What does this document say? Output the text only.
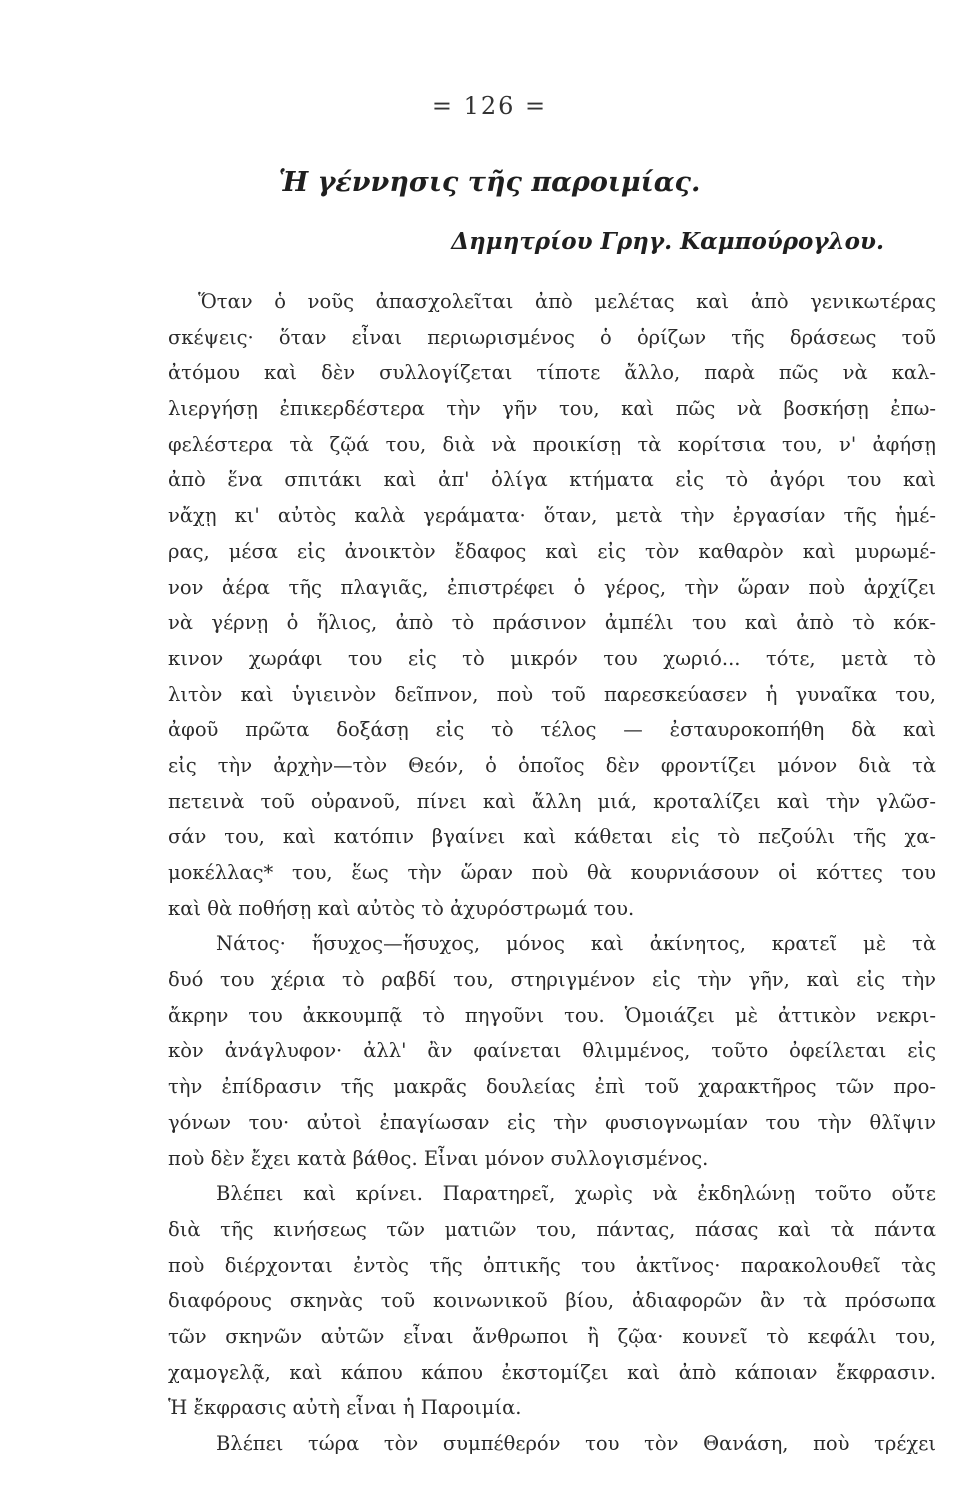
= 126 =
Ἡ γέννησις τῆς παροιμίας.
Δημητρίου Γρηγ. Καμπούρογλου.
Ὅταν ὁ νοῦς ἀπασχολεῖται ἀπὸ μελέτας καὶ ἀπὸ γενικωτέρας
σκέψεις· ὅταν εἶναι περιωρισμένος ὁ ὁρίζων τῆς δράσεως τοῦ
ἀτόμου καὶ δὲν συλλογίζεται τίποτε ἄλλο, παρὰ πῶς νὰ καλ-
λιεργήσῃ ἐπικερδέστερα τὴν γῆν του, καὶ πῶς νὰ βοσκήσῃ ἐπω-
φελέστερα τὰ ζῷά του, διὰ νὰ προικίσῃ τὰ κορίτσια του, ν' ἀφήσῃ
ἀπὸ ἕνα σπιτάκι καὶ ἀπ' ὀλίγα κτήματα εἰς τὸ ἀγόρι του καὶ
νἄχῃ κι' αὐτὸς καλὰ γεράματα· ὅταν, μετὰ τὴν ἐργασίαν τῆς ἡμέ-
ρας, μέσα εἰς ἀνοικτὸν ἔδαφος καὶ εἰς τὸν καθαρὸν καὶ μυρωμέ-
νον ἀέρα τῆς πλαγιᾶς, ἐπιστρέφει ὁ γέρος, τὴν ὥραν ποὺ ἀρχίζει
νὰ γέρνῃ ὁ ἥλιος, ἀπὸ τὸ πράσινον ἀμπέλι του καὶ ἀπὸ τὸ κόκ-
κινον χωράφι του εἰς τὸ μικρόν του χωριό... τότε, μετὰ τὸ
λιτὸν καὶ ὑγιεινὸν δεῖπνον, ποὺ τοῦ παρεσκεύασεν ἡ γυναῖκα του,
ἀφοῦ πρῶτα δοξάσῃ εἰς τὸ τέλος — ἐσταυροκοπήθη δὰ καὶ
εἰς τὴν ἀρχὴν—τὸν Θεόν, ὁ ὁποῖος δὲν φροντίζει μόνον διὰ τὰ
πετεινὰ τοῦ οὐρανοῦ, πίνει καὶ ἄλλη μιά, κροταλίζει καὶ τὴν γλῶσ-
σάν του, καὶ κατόπιν βγαίνει καὶ κάθεται εἰς τὸ πεζούλι τῆς χα-
μοκέλλας* του, ἕως τὴν ὥραν ποὺ θὰ κουρνιάσουν οἱ κόττες του
καὶ θὰ ποθήσῃ καὶ αὐτὸς τὸ ἀχυρόστρωμά του.
Νάτος· ἥσυχος—ἥσυχος, μόνος καὶ ἀκίνητος, κρατεῖ μὲ τὰ
δυό του χέρια τὸ ραβδί του, στηριγμένον εἰς τὴν γῆν, καὶ εἰς τὴν
ἄκρην του ἀκκουμπᾷ τὸ πηγοῦνι του. Ὁμοιάζει μὲ ἀττικὸν νεκρι-
κὸν ἀνάγλυφον· ἀλλ' ἂν φαίνεται θλιμμένος, τοῦτο ὀφείλεται εἰς
τὴν ἐπίδρασιν τῆς μακρᾶς δουλείας ἐπὶ τοῦ χαρακτῆρος τῶν προ-
γόνων του· αὐτοὶ ἐπαγίωσαν εἰς τὴν φυσιογνωμίαν του τὴν θλῖψιν
ποὺ δὲν ἔχει κατὰ βάθος. Εἶναι μόνον συλλογισμένος.
Βλέπει καὶ κρίνει. Παρατηρεῖ, χωρὶς νὰ ἐκδηλώνῃ τοῦτο οὔτε
διὰ τῆς κινήσεως τῶν ματιῶν του, πάντας, πάσας καὶ τὰ πάντα
ποὺ διέρχονται ἐντὸς τῆς ὀπτικῆς του ἀκτῖνος· παρακολουθεῖ τὰς
διαφόρους σκηνὰς τοῦ κοινωνικοῦ βίου, ἀδιαφορῶν ἂν τὰ πρόσωπα
τῶν σκηνῶν αὐτῶν εἶναι ἄνθρωποι ἢ ζῷα· κουνεῖ τὸ κεφάλι του,
χαμογελᾷ, καὶ κάπου κάπου ἐκστομίζει καὶ ἀπὸ κάποιαν ἔκφρασιν.
Ἡ ἔκφρασις αὐτὴ εἶναι ἡ Παροιμία.
Βλέπει τώρα τὸν συμπέθερόν του τὸν Θανάση, ποὺ τρέχει
